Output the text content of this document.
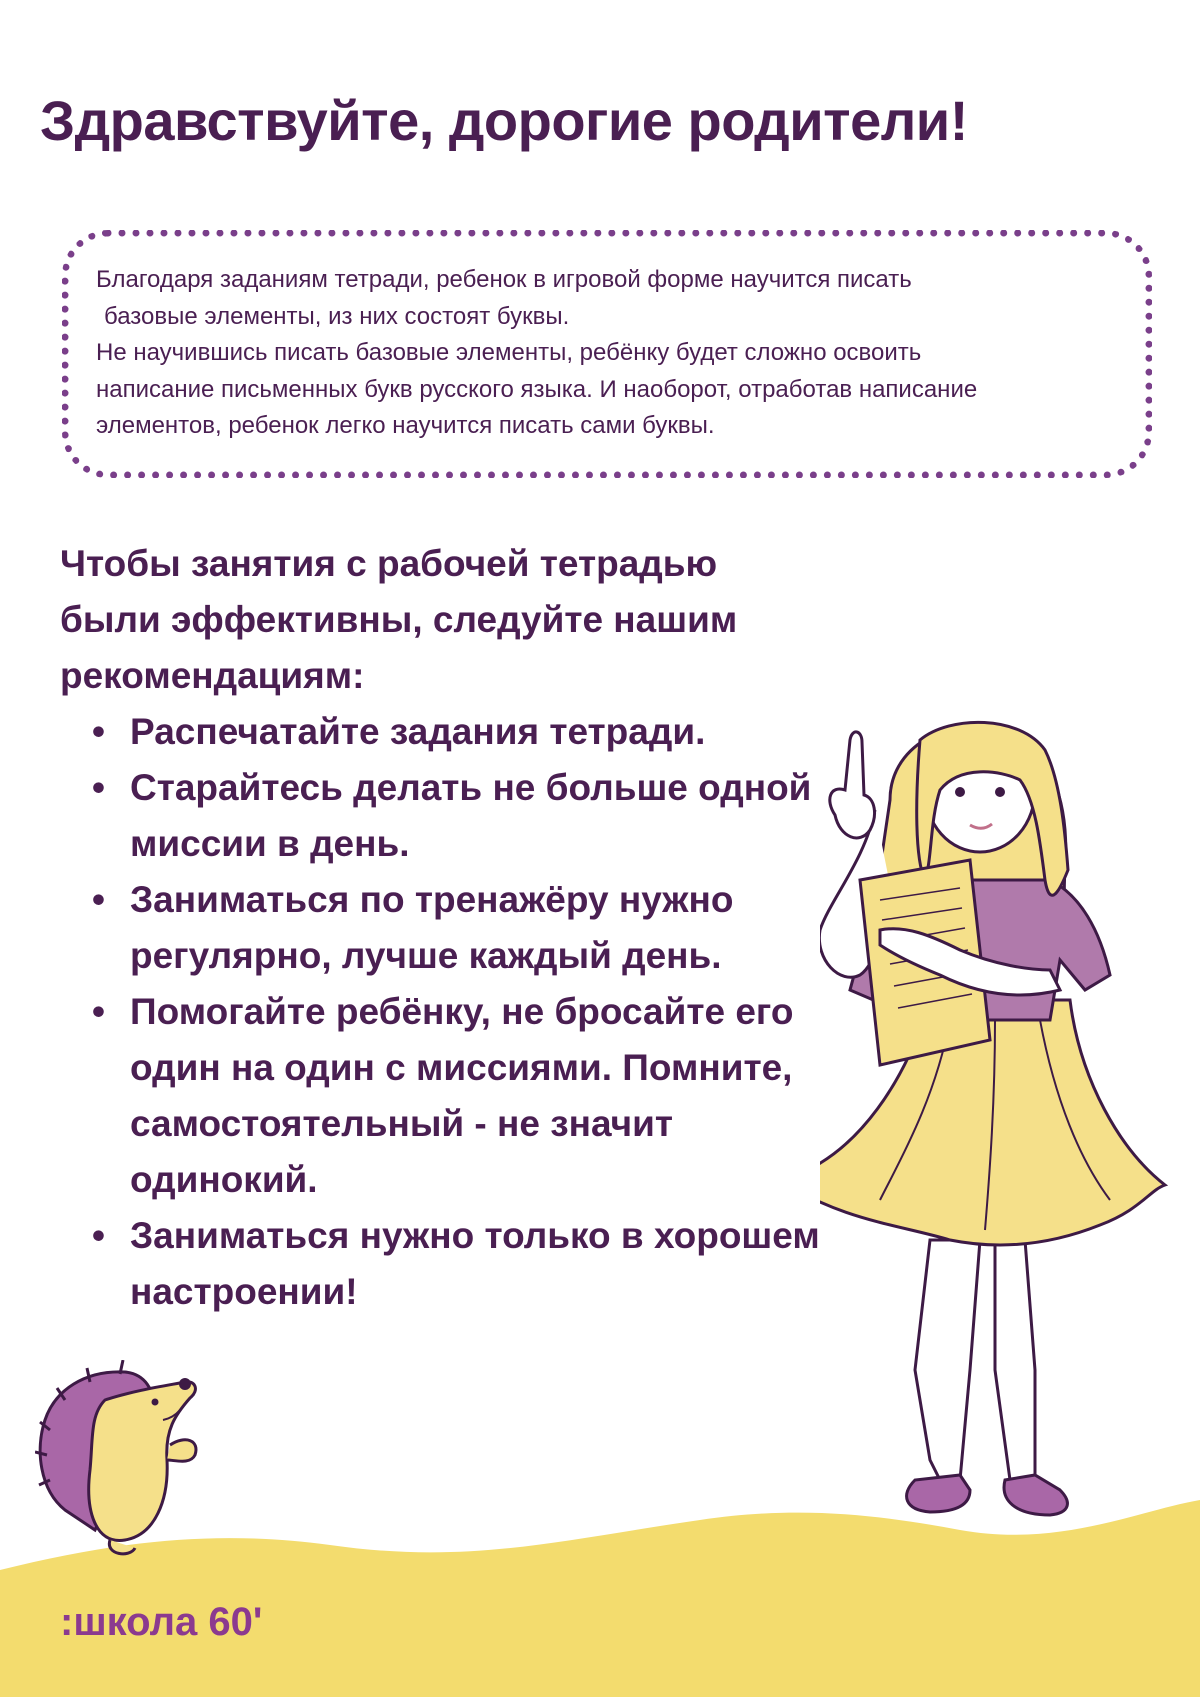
Здравствуйте, дорогие родители!

Благодаря заданиям тетради, ребенок в игровой форме научится писать

базовые элементы, из них состоят буквы.

Не научившись писать базовые элементы, ребёнку будет сложно освоить

написание письменных букв русского языка. И наоборот, отработав написание

элементов, ребенок легко научится писать сами буквы.

Чтобы занятия с рабочей тетрадью были эффективны, следуйте нашим рекомендациям:

• Распечатайте задания тетради.
• Старайтесь делать не больше одной миссии в день.
• Заниматься по тренажёру нужно регулярно, лучше каждый день.
• Помогайте ребёнку, не бросайте его один на один с миссиями. Помните, самостоятельный - не значит одинокий.
• Заниматься нужно только в хорошем настроении!
:школа 60'
